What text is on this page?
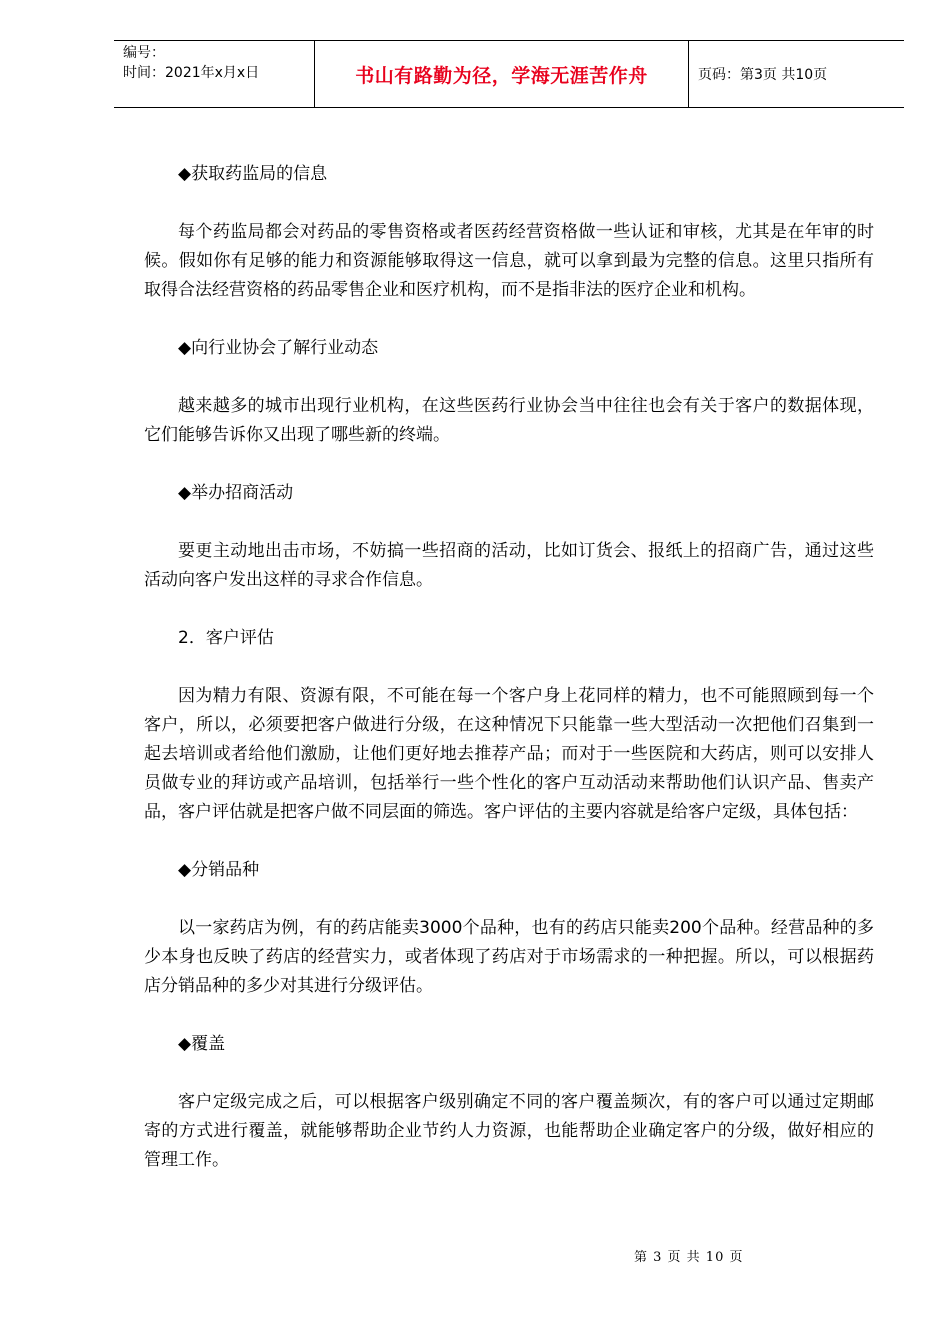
编号：
时间：2021年x月x日	书山有路勤为径，学海无涯苦作舟	页码：第3页 共10页

◆获取药监局的信息

每个药监局都会对药品的零售资格或者医药经营资格做一些认证和审核，尤其是在年审的时候。假如你有足够的能力和资源能够取得这一信息，就可以拿到最为完整的信息。这里只指所有取得合法经营资格的药品零售企业和医疗机构，而不是指非法的医疗企业和机构。

◆向行业协会了解行业动态

越来越多的城市出现行业机构，在这些医药行业协会当中往往也会有关于客户的数据体现，它们能够告诉你又出现了哪些新的终端。

◆举办招商活动

要更主动地出击市场，不妨搞一些招商的活动，比如订货会、报纸上的招商广告，通过这些活动向客户发出这样的寻求合作信息。

2．客户评估

因为精力有限、资源有限，不可能在每一个客户身上花同样的精力，也不可能照顾到每一个客户，所以，必须要把客户做进行分级，在这种情况下只能靠一些大型活动一次把他们召集到一起去培训或者给他们激励，让他们更好地去推荐产品；而对于一些医院和大药店，则可以安排人员做专业的拜访或产品培训，包括举行一些个性化的客户互动活动来帮助他们认识产品、售卖产品，客户评估就是把客户做不同层面的筛选。客户评估的主要内容就是给客户定级，具体包括：

◆分销品种

以一家药店为例，有的药店能卖3000个品种，也有的药店只能卖200个品种。经营品种的多少本身也反映了药店的经营实力，或者体现了药店对于市场需求的一种把握。所以，可以根据药店分销品种的多少对其进行分级评估。

◆覆盖

客户定级完成之后，可以根据客户级别确定不同的客户覆盖频次，有的客户可以通过定期邮寄的方式进行覆盖，就能够帮助企业节约人力资源，也能帮助企业确定客户的分级，做好相应的管理工作。

第 3 页 共 10 页
